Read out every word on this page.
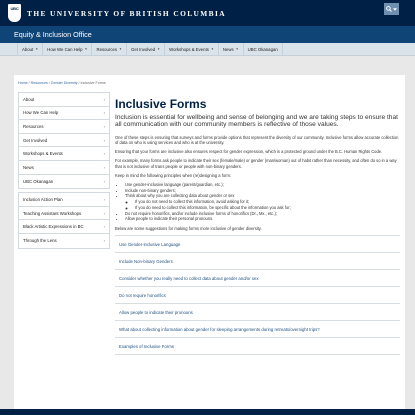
UBC THE UNIVERSITY OF BRITISH COLUMBIA
Equity & Inclusion Office
About ▼ How We Can Help ▼ Resources ▼ Get Involved ▼ Workshops & Events ▼ News ▼ UBC Okanagan
Home / Resources / Gender Diversity / Inclusive Forms
About	›
How We Can Help	›
Resources	›
Get Involved	›
Workshops & Events	›
News	›
UBC Okanagan	›
Inclusion Action Plan	›
Teaching Assistant Workshops	›
Black Artistic Expressions in BC	›
Through the Lens	›
Inclusive Forms

Inclusion is essential for wellbeing and sense of belonging and we are taking steps to ensure that all communication with our community members is reflective of those values.

One of these steps is ensuring that surveys and forms provide options that represent the diversity of our community. Inclusive forms allow accurate collection of data on who is using services and who is at the university.

Ensuring that your forms are inclusive also ensures respect for gender expression, which is a protected ground under the B.C. Human Rights Code.

For example, many forms ask people to indicate their sex (female/male) or gender (man/woman) out of habit rather than necessity, and often do so in a way that is not inclusive of trans people or people with non-binary genders.

Keep in mind the following principles when (re)designing a form:

• Use gender-inclusive language (parent/guardian, etc.);
• Include non-binary genders;
• Think about why you are collecting data about gender or sex
◦ If you do not need to collect this information, avoid asking for it;
◦ If you do need to collect this information, be specific about the information you ask for;
• Do not require honorifics, and/or include inclusive forms of honorifics (Dr., Mx., etc.);
• Allow people to indicate their personal pronouns.

Below are some suggestions for making forms more inclusive of gender diversity.

Use Gender-inclusive Language
Include Non-binary Genders
Consider whether you really need to collect data about gender and/or sex
Do not require honorifics
Allow people to indicate their pronouns
What about collecting information about gender for sleeping arrangements during retreats/overnight trips?
Examples of Inclusive Forms
